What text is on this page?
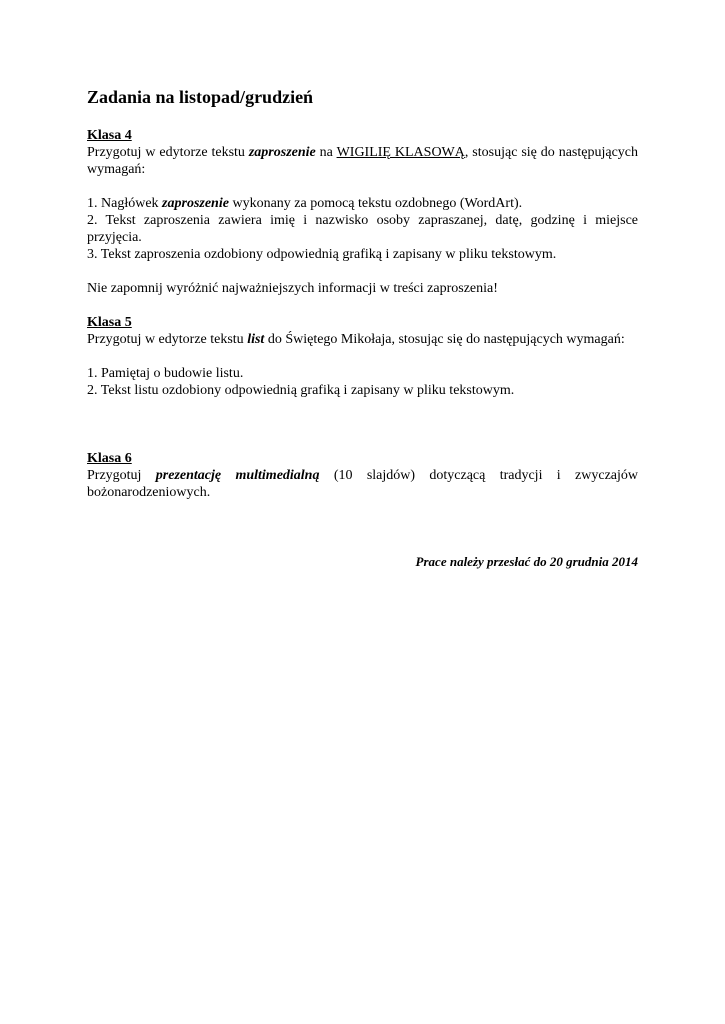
Zadania na listopad/grudzień
Klasa 4

Przygotuj w edytorze tekstu zaproszenie na WIGILIĘ KLASOWĄ, stosując się do następujących wymagań:

1. Nagłówek zaproszenie wykonany za pomocą tekstu ozdobnego (WordArt).
2. Tekst zaproszenia zawiera imię i nazwisko osoby zapraszanej, datę, godzinę i miejsce przyjęcia.
3. Tekst zaproszenia ozdobiony odpowiednią grafiką i zapisany w pliku tekstowym.

Nie zapomnij wyróżnić najważniejszych informacji w treści zaproszenia!

Klasa 5

Przygotuj w edytorze tekstu list do Świętego Mikołaja, stosując się do następujących wymagań:

1. Pamiętaj o budowie listu.
2. Tekst listu ozdobiony odpowiednią grafiką i zapisany w pliku tekstowym.
Klasa 6

Przygotuj prezentację multimedialną (10 slajdów) dotyczącą tradycji i zwyczajów bożonarodzeniowych.

Prace należy przesłać do 20 grudnia 2014
